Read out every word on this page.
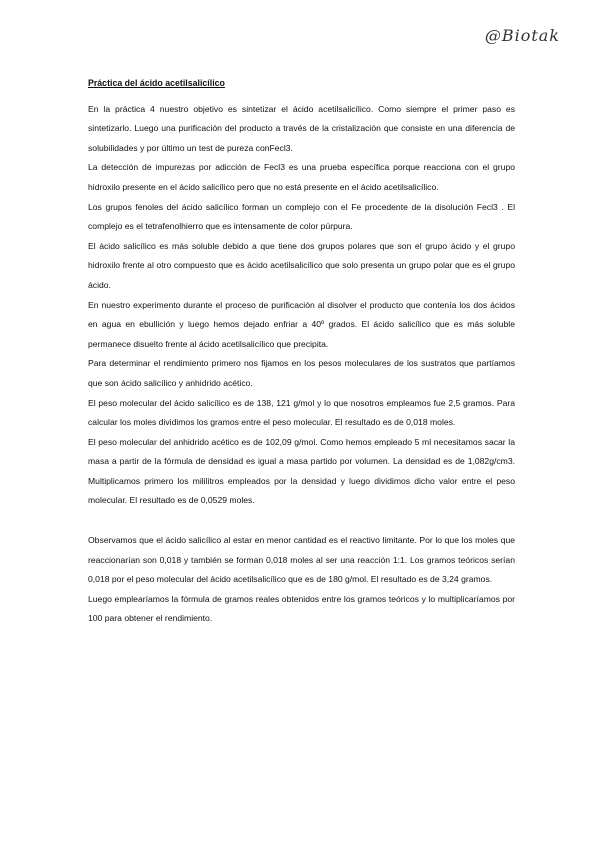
@Biotak

Práctica del ácido acetilsalicílico

En la práctica 4 nuestro objetivo es sintetizar el ácido acetilsalicílico. Como siempre el primer paso es sintetizarlo. Luego una purificación del producto a través de la cristalización que consiste en una diferencia de solubilidades y por último un test de pureza conFecl3.

La detección de impurezas por adicción de Fecl3 es una prueba específica porque reacciona con el grupo hidroxilo presente en el ácido salicílico pero que no está presente en el ácido acetilsalicílico.

Los grupos fenoles del ácido salicílico forman un complejo con el Fe procedente de la disolución Fecl3 . El complejo es el tetrafenolhierro que es intensamente de color púrpura.

El ácido salicílico es más soluble debido a que tiene dos grupos polares que son el grupo ácido y el grupo hidroxilo frente al otro compuesto que es ácido acetilsalicílico que solo presenta un grupo polar que es el grupo ácido.

En nuestro experimento durante el proceso de purificación al disolver el producto que contenía los dos ácidos en agua en ebullición y luego hemos dejado enfriar a 40º grados. El ácido salicílico que es más soluble permanece disuelto frente al ácido acetilsalicílico que precipita.

Para determinar el rendimiento primero nos fijamos en los pesos moleculares de los sustratos que partíamos que son ácido salicílico y anhidrido acético.

El peso molecular del ácido salicílico es de 138, 121 g/mol y lo que nosotros empleamos fue 2,5 gramos. Para calcular los moles dividimos los gramos entre el peso molecular. El resultado es de 0,018 moles.

El peso molecular del anhidrido acético es de 102,09 g/mol. Como hemos empleado 5 ml necesitamos sacar la masa a partir de la fórmula de densidad es igual a masa partido por volumen. La densidad es de 1,082g/cm3. Multiplicamos primero los mililitros empleados por la densidad y luego dividimos dicho valor entre el peso molecular. El resultado es de 0,0529 moles.

Observamos que el ácido salicílico al estar en menor cantidad es el reactivo limitante. Por lo que los moles que reaccionarían son 0,018 y también se forman 0,018 moles al ser una reacción 1:1. Los gramos teóricos serían 0,018 por el peso molecular del ácido acetilsalicílico que es de 180 g/mol. El resultado es de 3,24 gramos.

Luego emplearíamos la fórmula de gramos reales obtenidos entre los gramos teóricos y lo multiplicaríamos por 100 para obtener el rendimiento.
